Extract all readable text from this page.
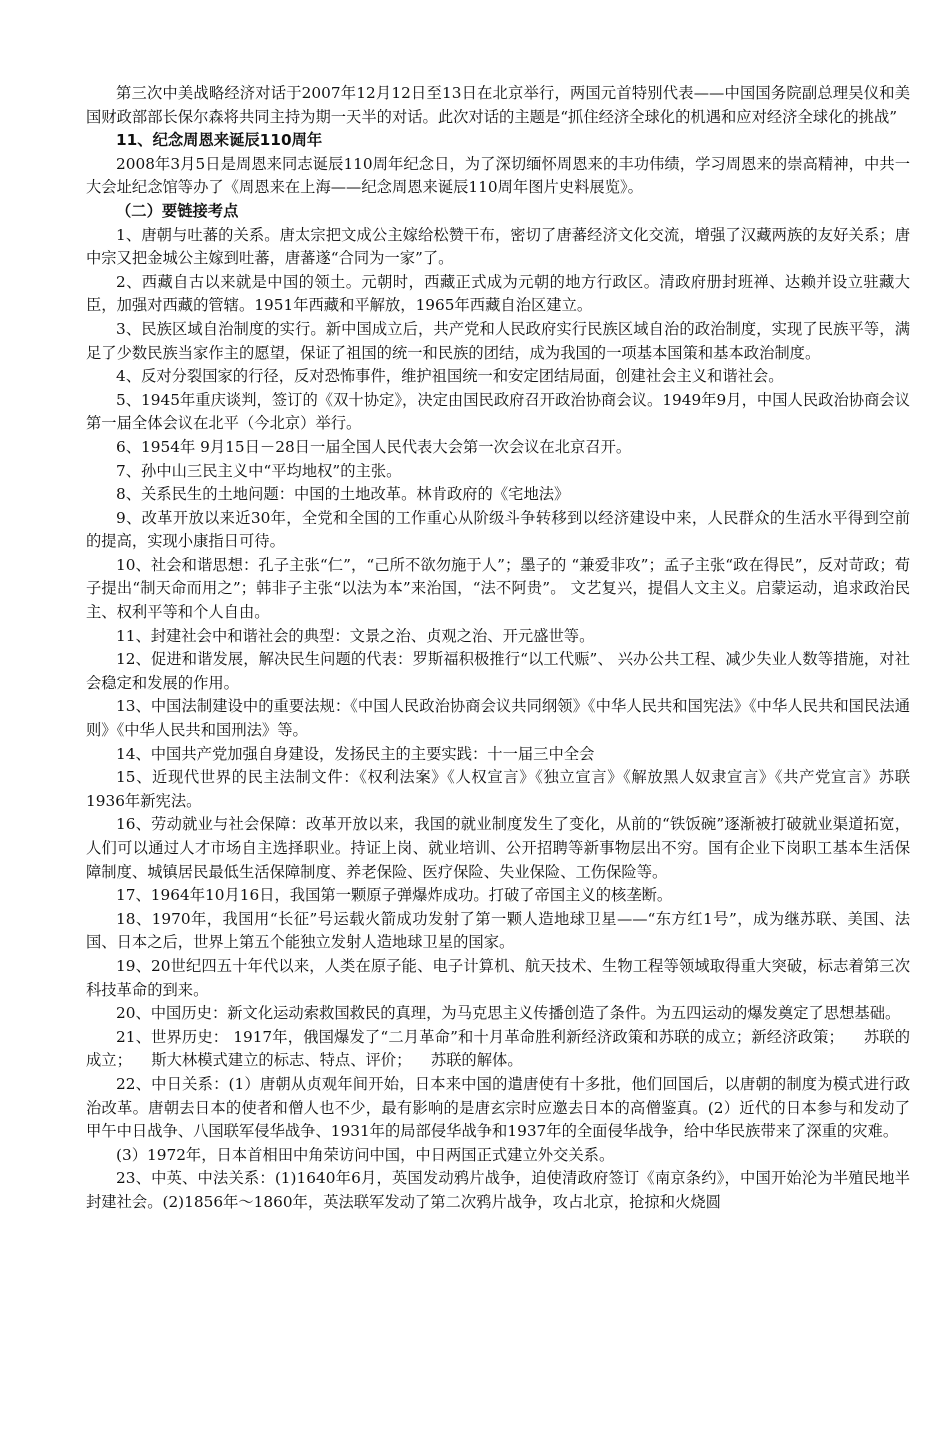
第三次中美战略经济对话于2007年12月12日至13日在北京举行，两国元首特别代表——中国国务院副总理吴仪和美国财政部部长保尔森将共同主持为期一天半的对话。此次对话的主题是“抓住经济全球化的机遇和应对经济全球化的挑战”

11、纪念周恩来诞辰110周年

2008年3月5日是周恩来同志诞辰110周年纪念日，为了深切缅怀周恩来的丰功伟绩，学习周恩来的崇高精神，中共一大会址纪念馆等办了《周恩来在上海——纪念周恩来诞辰110周年图片史料展览》。

（二）要链接考点

1、唐朝与吐蕃的关系。唐太宗把文成公主嫁给松赞干布，密切了唐蕃经济文化交流，增强了汉藏两族的友好关系；唐中宗又把金城公主嫁到吐蕃，唐蕃遂“合同为一家”了。

2、西藏自古以来就是中国的领土。元朝时，西藏正式成为元朝的地方行政区。清政府册封班禅、达赖并设立驻藏大臣，加强对西藏的管辖。1951年西藏和平解放，1965年西藏自治区建立。

3、民族区域自治制度的实行。新中国成立后，共产党和人民政府实行民族区域自治的政治制度，实现了民族平等，满足了少数民族当家作主的愿望，保证了祖国的统一和民族的团结，成为我国的一项基本国策和基本政治制度。

4、反对分裂国家的行径，反对恐怖事件，维护祖国统一和安定团结局面，创建社会主义和谐社会。

5、1945年重庆谈判，签订的《双十协定》，决定由国民政府召开政治协商会议。1949年9月，中国人民政治协商会议第一届全体会议在北平（今北京）举行。

6、1954年 9月15日－28日一届全国人民代表大会第一次会议在北京召开。

7、孙中山三民主义中“平均地权”的主张。

8、关系民生的土地问题：中国的土地改革。林肯政府的《宅地法》

9、改革开放以来近30年，全党和全国的工作重心从阶级斗争转移到以经济建设中来，人民群众的生活水平得到空前的提高，实现小康指日可待。

10、社会和谐思想：孔子主张“仁”，“己所不欲勿施于人”；墨子的 “兼爱非攻”；孟子主张“政在得民”，反对苛政；荀子提出“制天命而用之”；韩非子主张“以法为本”来治国，“法不阿贵”。 文艺复兴，提倡人文主义。启蒙运动，追求政治民主、权利平等和个人自由。

11、封建社会中和谐社会的典型：文景之治、贞观之治、开元盛世等。

12、促进和谐发展，解决民生问题的代表：罗斯福积极推行“以工代赈”、 兴办公共工程、减少失业人数等措施，对社会稳定和发展的作用。

13、中国法制建设中的重要法规：《中国人民政治协商会议共同纲领》《中华人民共和国宪法》《中华人民共和国民法通则》《中华人民共和国刑法》等。

14、中国共产党加强自身建设，发扬民主的主要实践：十一届三中全会

15、近现代世界的民主法制文件：《权利法案》《人权宣言》《独立宣言》《解放黑人奴隶宣言》《共产党宣言》苏联1936年新宪法。

16、劳动就业与社会保障：改革开放以来，我国的就业制度发生了变化，从前的“铁饭碗”逐渐被打破就业渠道拓宽，人们可以通过人才市场自主选择职业。持证上岗、就业培训、公开招聘等新事物层出不穷。国有企业下岗职工基本生活保障制度、城镇居民最低生活保障制度、养老保险、医疗保险、失业保险、工伤保险等。

17、1964年10月16日，我国第一颗原子弹爆炸成功。打破了帝国主义的核垄断。

18、1970年，我国用“长征”号运载火箭成功发射了第一颗人造地球卫星——“东方红1号”，成为继苏联、美国、法国、日本之后，世界上第五个能独立发射人造地球卫星的国家。

19、20世纪四五十年代以来，人类在原子能、电子计算机、航天技术、生物工程等领域取得重大突破，标志着第三次科技革命的到来。

20、中国历史：新文化运动索救国救民的真理，为马克思主义传播创造了条件。为五四运动的爆发奠定了思想基础。

21、世界历史： 1917年，俄国爆发了“二月革命”和十月革命胜利新经济政策和苏联的成立；新经济政策；    苏联的成立；    斯大林模式建立的标志、特点、评价；    苏联的解体。

22、中日关系：(1）唐朝从贞观年间开始，日本来中国的遣唐使有十多批，他们回国后，以唐朝的制度为模式进行政治改革。唐朝去日本的使者和僧人也不少，最有影响的是唐玄宗时应邀去日本的高僧鉴真。(2）近代的日本参与和发动了甲午中日战争、八国联军侵华战争、1931年的局部侵华战争和1937年的全面侵华战争，给中华民族带来了深重的灾难。

(3）1972年，日本首相田中角荣访问中国，中日两国正式建立外交关系。

23、中英、中法关系：(1)1640年6月，英国发动鸦片战争，迫使清政府签订《南京条约》，中国开始沦为半殖民地半封建社会。(2)1856年～1860年，英法联军发动了第二次鸦片战争，攻占北京，抢掠和火烧圆
